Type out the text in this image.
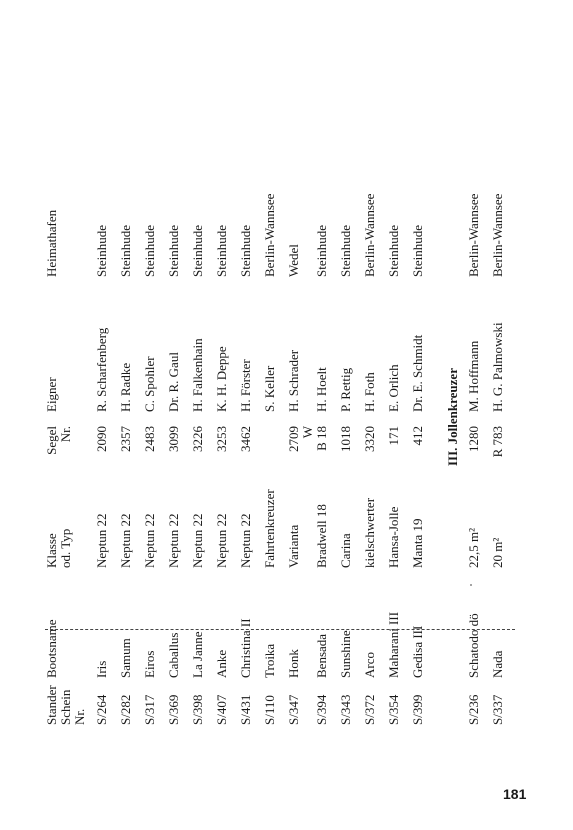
Stander Schein Nr.	Bootsname	Klasse od. Typ	Segel Nr.	Eigner	Heimathafen

S/264	Iris	Neptun 22	2090	R. Scharfenberg	Steinhude

S/282	Samum	Neptun 22	2357	H. Radke	Steinhude

S/317	Eiros	Neptun 22	2483	C. Spohler	Steinhude

S/369	Caballus	Neptun 22	3099	Dr. R. Gaul	Steinhude

S/398	La Janne	Neptun 22	3226	H. Falkenhain	Steinhude

S/407	Anke	Neptun 22	3253	K. H. Deppe	Steinhude

S/431	Christina II	Neptun 22	3462	H. Förster	Steinhude

S/110	Troika	Fahrtenkreuzer		S. Keller	Berlin-Wannsee

S/347	Honk	Varianta	2709 W	H. Schrader	Wedel

S/394	Bensada	Bradwell 18	B 18	H. Hoelt	Steinhude

S/343	Sunshine	Carina	1018	P. Rettig	Steinhude

S/372	Arco	kielschwerter	3320	H. Foth	Berlin-Wannsee

S/354	Maharani III	Hansa-Jolle	171	E. Orlich	Steinhude

S/399	Gedisa III	Manta 19	412	Dr. E. Schmidt	Steinhude

			III. Jollenkreuzer		

S/236	Schatodo dö	22,5 m²	1280	M. Hoffmann	Berlin-Wannsee

S/337	Nada	20 m²	R 783	H. G. Palmowski	Berlin-Wannsee
181
